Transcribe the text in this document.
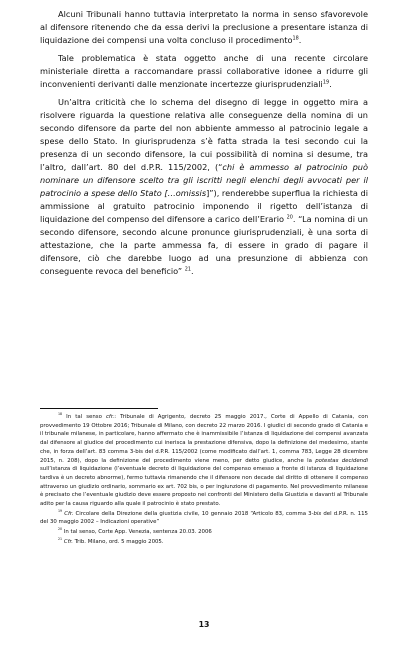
Alcuni Tribunali hanno tuttavia interpretato la norma in senso sfavorevole al difensore ritenendo che da essa derivi la preclusione a presentare istanza di liquidazione dei compensi una volta concluso il procedimento$^{18}$.

Tale problematica è stata oggetto anche di una recente circolare ministeriale diretta a raccomandare prassi collaborative idonee a ridurre gli inconvenienti derivanti dalle menzionate incertezze giurisprudenziali$^{19}$.

Un’altra criticità che lo schema del disegno di legge in oggetto mira a risolvere riguarda la questione relativa alle conseguenze della nomina di un secondo difensore da parte del non abbiente ammesso al patrocinio legale a spese dello Stato. In giurisprudenza s’è fatta strada la tesi secondo cui la presenza di un secondo difensore, la cui possibilità di nomina si desume, tra l’altro, dall’art. 80 del d.P.R. 115/2002, (“chi è ammesso al patrocinio può nominare un difensore scelto tra gli iscritti negli elenchi degli avvocati per il patrocinio a spese dello Stato […omissis]”), renderebbe superflua la richiesta di ammissione al gratuito patrocinio imponendo il rigetto dell’istanza di liquidazione del compenso del difensore a carico dell’Erario $^{20}$. “La nomina di un secondo difensore, secondo alcune pronunce giurisprudenziali, è una sorta di attestazione, che la parte ammessa fa, di essere in grado di pagare il difensore, ciò che darebbe luogo ad una presunzione di abbienza con conseguente revoca del beneficio” $^{21}$.

$^{18}$ In tal senso cfr.: Tribunale di Agrigento, decreto 25 maggio 2017., Corte di Appello di Catania, con provvedimento 19 Ottobre 2016; Tribunale di Milano, con decreto 22 marzo 2016. I giudici di secondo grado di Catania e il tribunale milanese, in particolare, hanno affermato che è inammissibile l’istanza di liquidazione dei compensi avanzata dal difensore al giudice del procedimento cui inerisca la prestazione difensiva, dopo la definizione del medesimo, stante che, in forza dell’art. 83 comma 3-bis del d.P.R. 115/2002 (come modificato dall’art. 1, comma 783, Legge 28 dicembre 2015, n. 208), dopo la definizione del procedimento viene meno, per detto giudice, anche la potestas decidendi sull’istanza di liquidazione (l’eventuale decreto di liquidazione del compenso emesso a fronte di istanza di liquidazione tardiva è un decreto abnorme), fermo tuttavia rimanendo che il difensore non decade dal diritto di ottenere il compenso attraverso un giudizio ordinario, sommario ex art. 702 bis, o per ingiunzione di pagamento. Nel provvedimento milanese è precisato che l’eventuale giudizio deve essere proposto nei confronti del Ministero della Giustizia e davanti al Tribunale adito per la causa riguardo alla quale il patrocinio è stato prestato.

$^{19}$ Cfr. Circolare della Direzione della giustizia civile, 10 gennaio 2018 “Articolo 83, comma 3-bis del d.P.R. n. 115 del 30 maggio 2002 – Indicazioni operative”

$^{20}$ In tal senso, Corte App. Venezia, sentenza 20.03. 2006

$^{21}$ Cfr. Trib. Milano, ord. 5 maggio 2005.

13
